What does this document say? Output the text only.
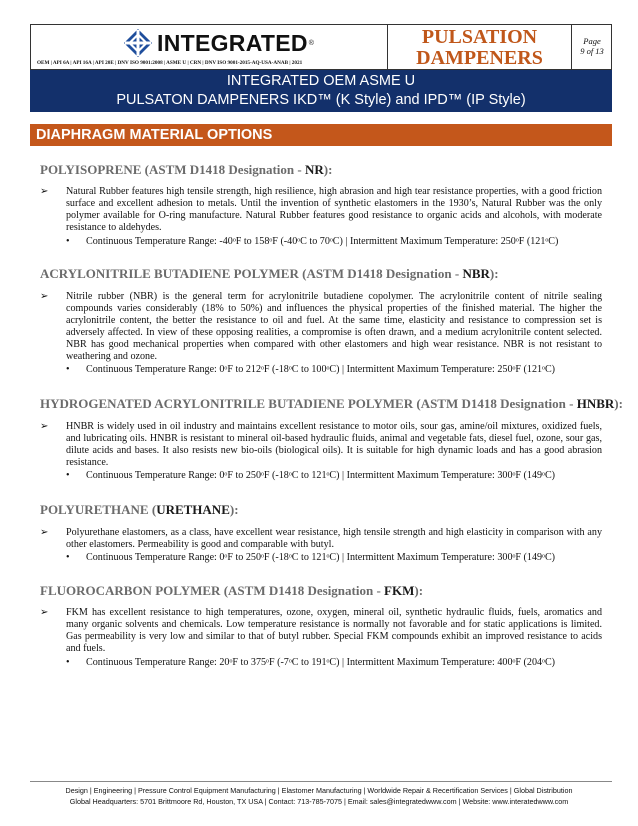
INTEGRATED ®
OEM | API 6A | API 16A | API 20E | DNV ISO 9001:2008 | ASME U | CRN | DNV ISO 9001-2015-AQ-USA-ANAB | 2021
PULSATION
DAMPENERS
Page
9 of 13
INTEGRATED OEM ASME U
PULSATON DAMPENERS IKD™ (K Style) and IPD™ (IP Style)
DIAPHRAGM MATERIAL OPTIONS
POLYISOPRENE (ASTM D1418 Designation - NR):
➢ Natural Rubber features high tensile strength, high resilience, high abrasion and high tear resistance properties, with a good friction surface and excellent adhesion to metals. Until the invention of synthetic elastomers in the 1930’s, Natural Rubber was the only polymer available for O-ring manufacture. Natural Rubber features good resistance to organic acids and alcohols, with moderate resistance to aldehydes.
• Continuous Temperature Range: -40ᵒF to 158ᵒF (-40ᵒC to 70ᵒC) | Intermittent Maximum Temperature: 250ᵒF (121ᵒC)
ACRYLONITRILE BUTADIENE POLYMER (ASTM D1418 Designation - NBR):
➢ Nitrile rubber (NBR) is the general term for acrylonitrile butadiene copolymer. The acrylonitrile content of nitrile sealing compounds varies considerably (18% to 50%) and influences the physical properties of the finished material. The higher the acrylonitrile content, the better the resistance to oil and fuel. At the same time, elasticity and resistance to compression set is adversely affected. In view of these opposing realities, a compromise is often drawn, and a medium acrylonitrile content selected. NBR has good mechanical properties when compared with other elastomers and high wear resistance. NBR is not resistant to weathering and ozone.
• Continuous Temperature Range: 0ᵒF to 212ᵒF (-18ᵒC to 100ᵒC) | Intermittent Maximum Temperature: 250ᵒF (121ᵒC)
HYDROGENATED ACRYLONITRILE BUTADIENE POLYMER (ASTM D1418 Designation - HNBR):
➢ HNBR is widely used in oil industry and maintains excellent resistance to motor oils, sour gas, amine/oil mixtures, oxidized fuels, and lubricating oils. HNBR is resistant to mineral oil-based hydraulic fluids, animal and vegetable fats, diesel fuel, ozone, sour gas, dilute acids and bases. It also resists new bio-oils (biological oils). It is suitable for high dynamic loads and has a good abrasion resistance.
• Continuous Temperature Range: 0ᵒF to 250ᵒF (-18ᵒC to 121ᵒC) | Intermittent Maximum Temperature: 300ᵒF (149ᵒC)
POLYURETHANE (URETHANE):
➢ Polyurethane elastomers, as a class, have excellent wear resistance, high tensile strength and high elasticity in comparison with any other elastomers. Permeability is good and comparable with butyl.
• Continuous Temperature Range: 0ᵒF to 250ᵒF (-18ᵒC to 121ᵒC) | Intermittent Maximum Temperature: 300ᵒF (149ᵒC)
FLUOROCARBON POLYMER (ASTM D1418 Designation - FKM):
➢ FKM has excellent resistance to high temperatures, ozone, oxygen, mineral oil, synthetic hydraulic fluids, fuels, aromatics and many organic solvents and chemicals. Low temperature resistance is normally not favorable and for static applications is limited. Gas permeability is very low and similar to that of butyl rubber. Special FKM compounds exhibit an improved resistance to acids and fuels.
• Continuous Temperature Range: 20ᵒF to 375ᵒF (-7ᵒC to 191ᵒC) | Intermittent Maximum Temperature: 400ᵒF (204ᵒC)
Design | Engineering | Pressure Control Equipment Manufacturing | Elastomer Manufacturing | Worldwide Repair & Recertification Services | Global Distribution
Global Headquarters: 5701 Brittmoore Rd, Houston, TX USA | Contact: 713-785-7075 | Email: sales@integratedwww.com | Website: www.interatedwww.com
